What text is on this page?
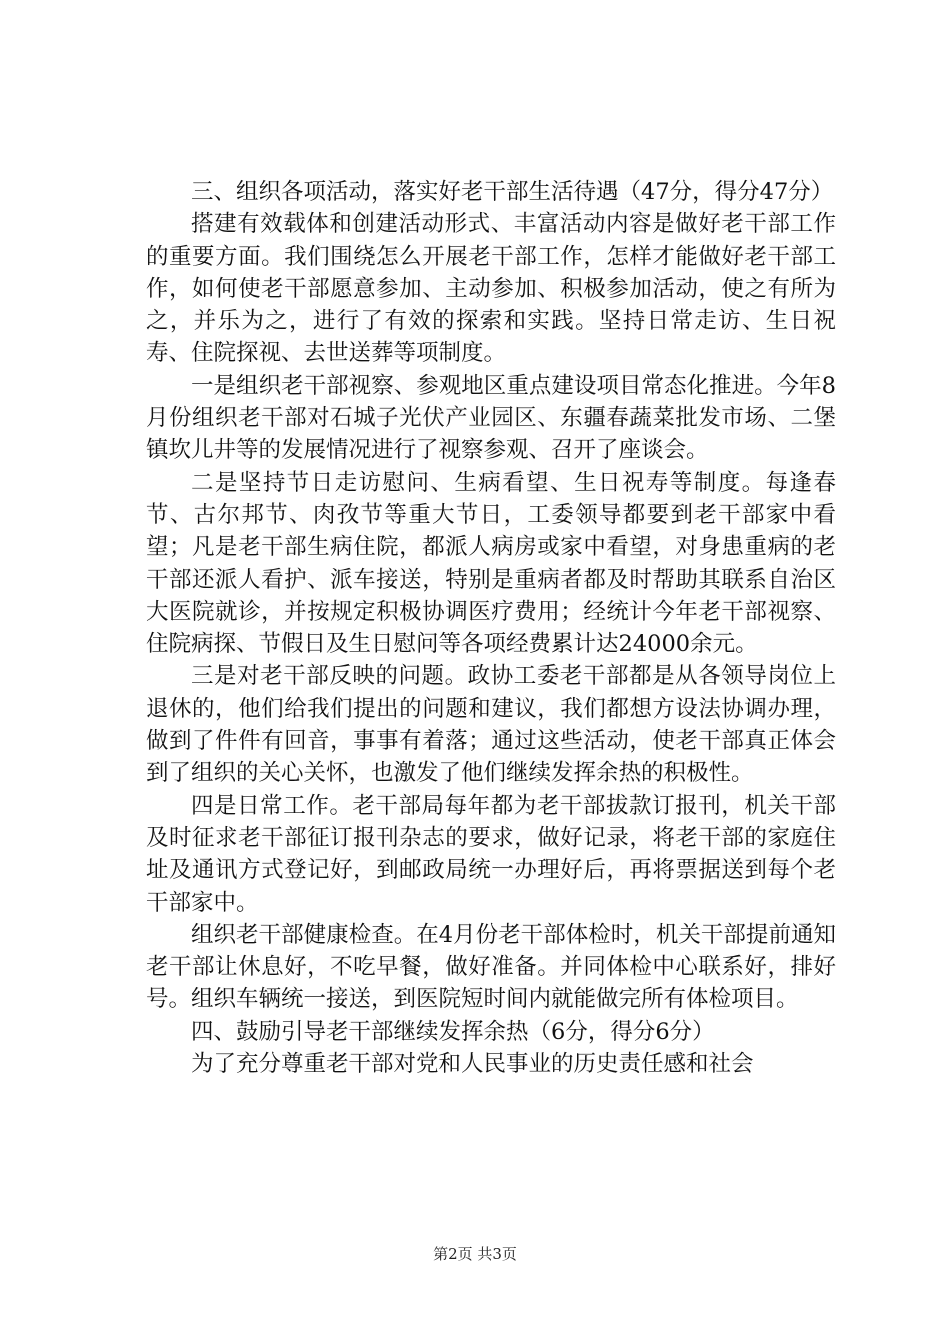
三、组织各项活动，落实好老干部生活待遇（47分，得分47分）

搭建有效载体和创建活动形式、丰富活动内容是做好老干部工作的重要方面。我们围绕怎么开展老干部工作，怎样才能做好老干部工作，如何使老干部愿意参加、主动参加、积极参加活动，使之有所为之，并乐为之，进行了有效的探索和实践。坚持日常走访、生日祝寿、住院探视、去世送葬等项制度。

一是组织老干部视察、参观地区重点建设项目常态化推进。今年8月份组织老干部对石城子光伏产业园区、东疆春蔬菜批发市场、二堡镇坎儿井等的发展情况进行了视察参观、召开了座谈会。

二是坚持节日走访慰问、生病看望、生日祝寿等制度。每逢春节、古尔邦节、肉孜节等重大节日，工委领导都要到老干部家中看望；凡是老干部生病住院，都派人病房或家中看望，对身患重病的老干部还派人看护、派车接送，特别是重病者都及时帮助其联系自治区大医院就诊，并按规定积极协调医疗费用；经统计今年老干部视察、住院病探、节假日及生日慰问等各项经费累计达24000余元。

三是对老干部反映的问题。政协工委老干部都是从各领导岗位上退休的，他们给我们提出的问题和建议，我们都想方设法协调办理，做到了件件有回音，事事有着落；通过这些活动，使老干部真正体会到了组织的关心关怀，也激发了他们继续发挥余热的积极性。

四是日常工作。老干部局每年都为老干部拔款订报刊，机关干部及时征求老干部征订报刊杂志的要求，做好记录，将老干部的家庭住址及通讯方式登记好，到邮政局统一办理好后，再将票据送到每个老干部家中。

组织老干部健康检查。在4月份老干部体检时，机关干部提前通知老干部让休息好，不吃早餐，做好准备。并同体检中心联系好，排好号。组织车辆统一接送，到医院短时间内就能做完所有体检项目。

四、鼓励引导老干部继续发挥余热（6分，得分6分）

为了充分尊重老干部对党和人民事业的历史责任感和社会

第2页 共3页
